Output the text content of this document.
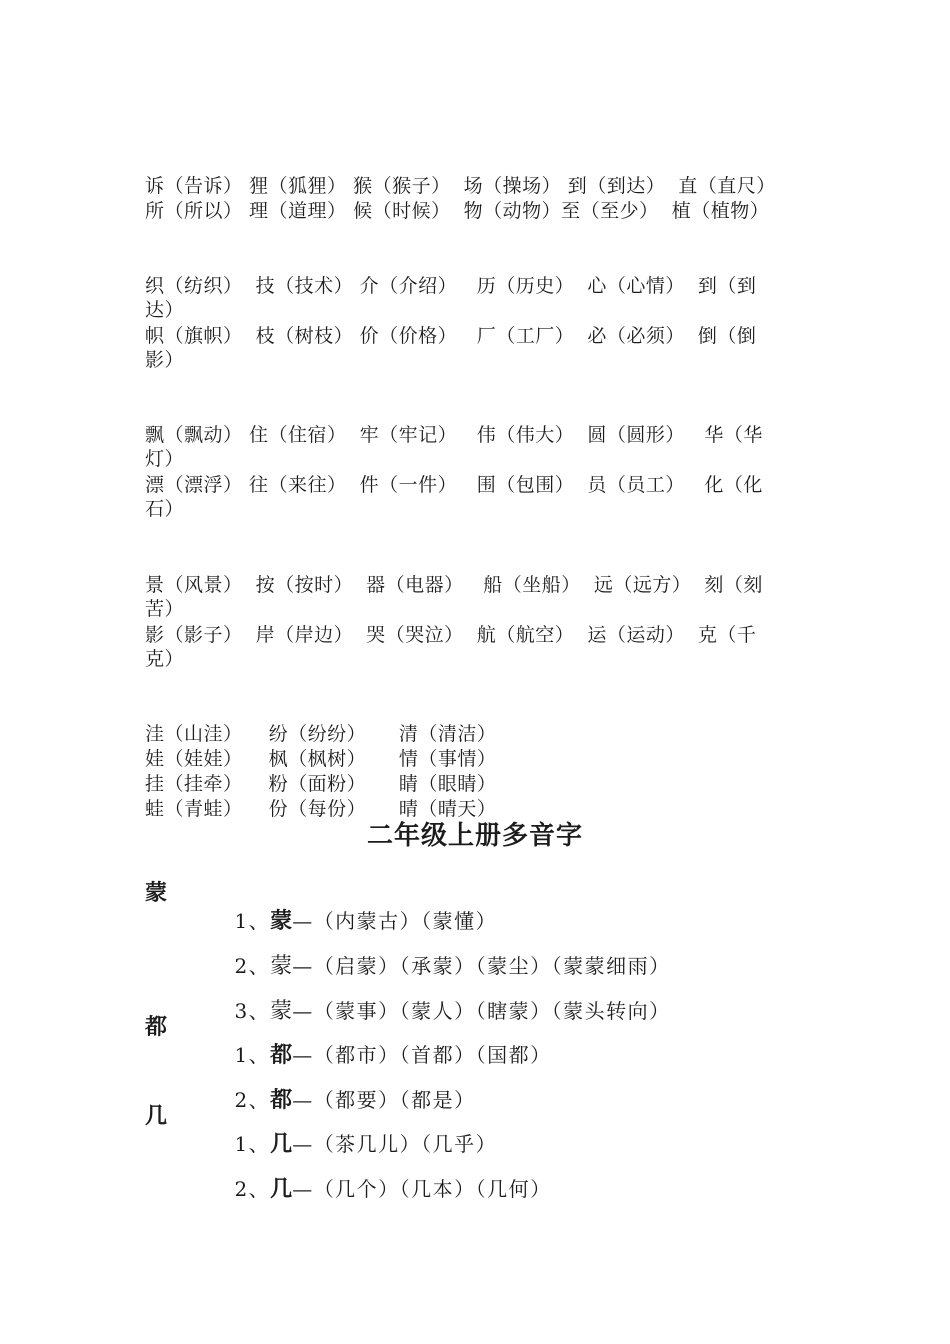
诉（告诉） 狸（狐狸） 猴（猴子）  场（操场） 到（到达）  直（直尺）
所（所以） 理（道理） 候（时候）  物（动物）至（至少）  植（植物）
织（纺织）  技（技术） 介（介绍）   历（历史）  心（心情）  到（到
达）
帜（旗帜）  枝（树枝） 价（价格）   厂（工厂）  必（必须）  倒（倒
影）
飘（飘动） 住（住宿）  牢（牢记）   伟（伟大）  圆（圆形）   华（华
灯）
漂（漂浮） 往（来往）  件（一件）   围（包围）  员（员工）   化（化
石）
景（风景）  按（按时）  器（电器）   船（坐船）  远（远方）  刻（刻
苦）
影（影子）  岸（岸边）  哭（哭泣）  航（航空）  运（运动）  克（千
克）
洼（山洼）    纷（纷纷）     清（清洁）
娃（娃娃）    枫（枫树）     情（事情）
挂（挂牵）    粉（面粉）     睛（眼睛）
蛙（青蛙）    份（每份）     晴（晴天）
二年级上册多音字
蒙

1、蒙—（内蒙古）（蒙懂）

2、蒙—（启蒙）（承蒙）（蒙尘）（蒙蒙细雨）

3、蒙—（蒙事）（蒙人）（瞎蒙）（蒙头转向）

都

1、都—（都市）（首都）（国都）

2、都—（都要）（都是）

几

1、几—（茶几儿）（几乎）

2、几—（几个）（几本）（几何）
